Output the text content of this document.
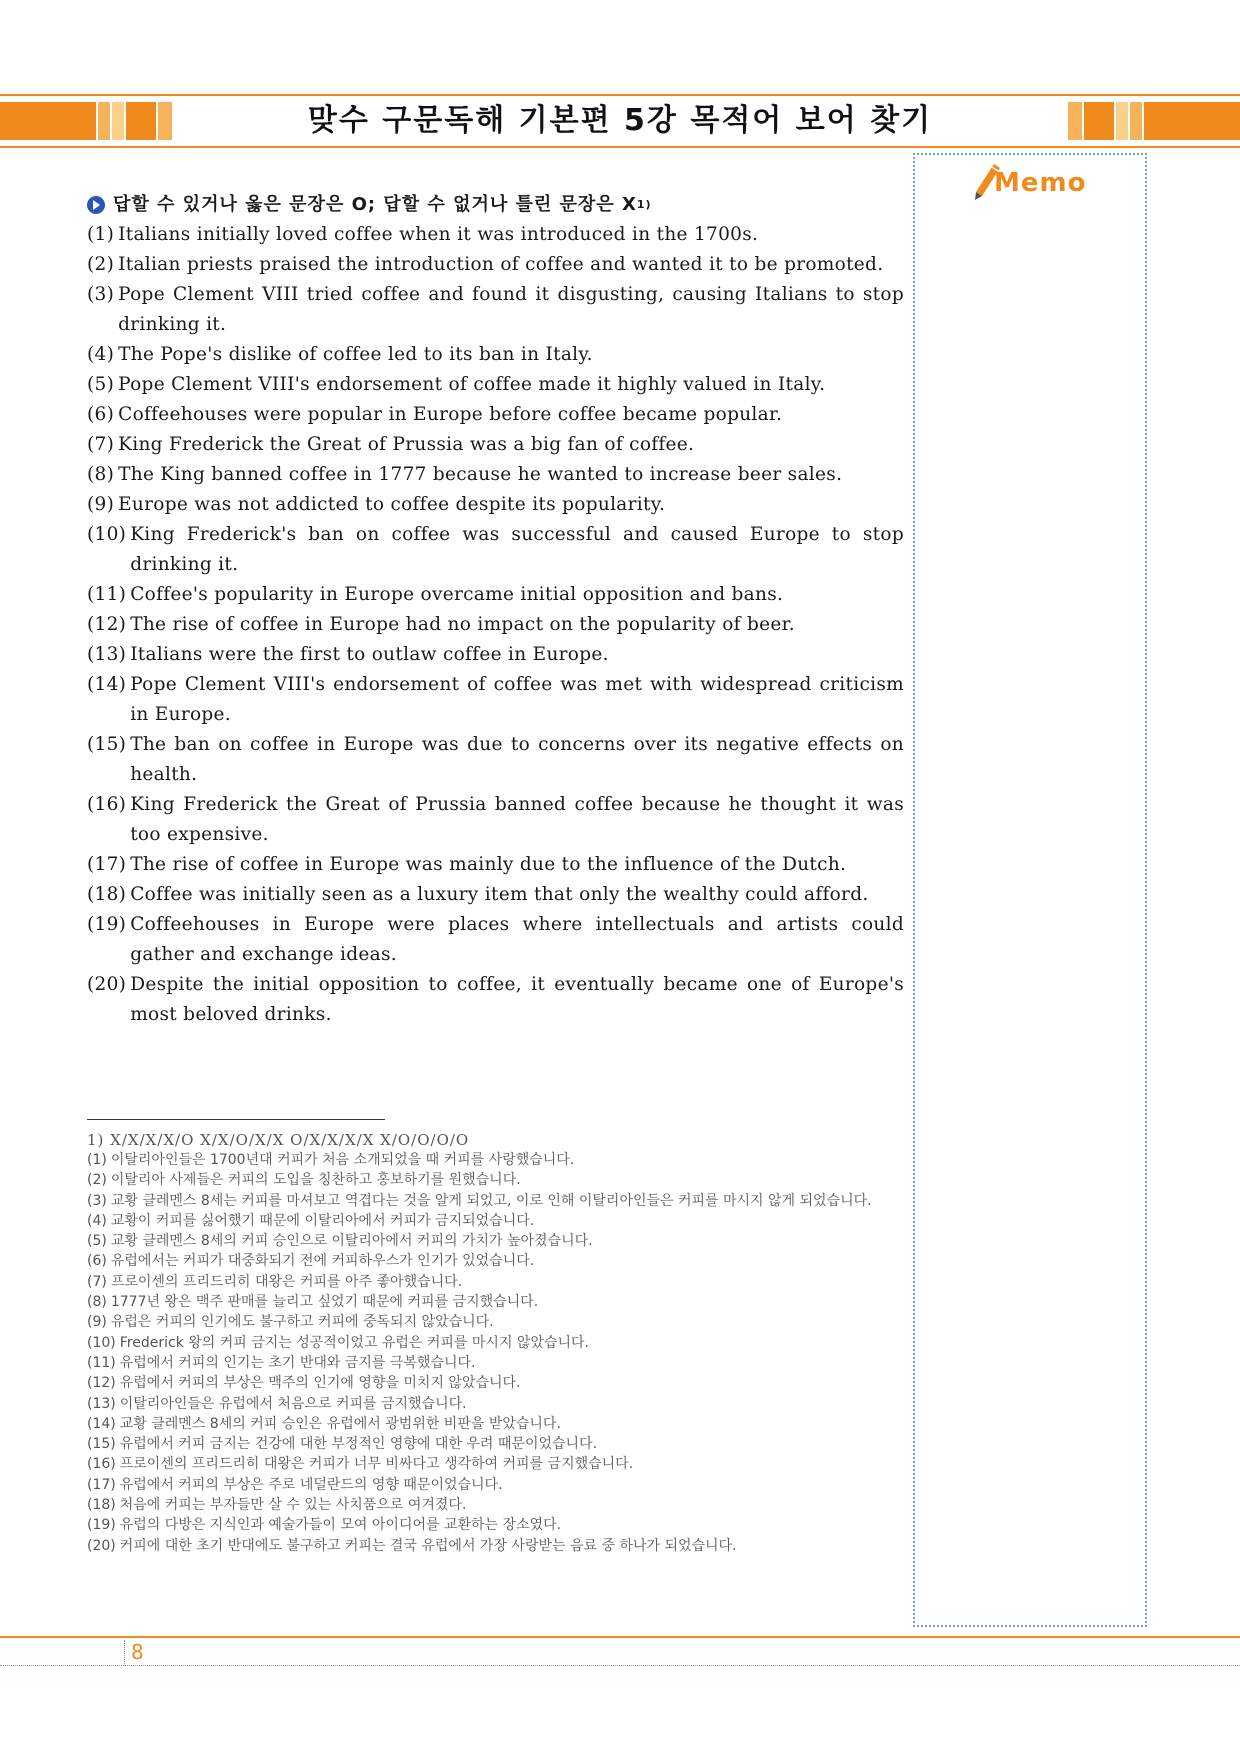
맞수 구문독해 기본편 5강 목적어 보어 찾기
Memo
답할 수 있거나 옳은 문장은 O; 답할 수 없거나 틀린 문장은 X 1)
(1) Italians initially loved coffee when it was introduced in the 1700s.
(2) Italian priests praised the introduction of coffee and wanted it to be promoted.
(3) Pope Clement VIII tried coffee and found it disgusting, causing Italians to stop drinking it.
(4) The Pope's dislike of coffee led to its ban in Italy.
(5) Pope Clement VIII's endorsement of coffee made it highly valued in Italy.
(6) Coffeehouses were popular in Europe before coffee became popular.
(7) King Frederick the Great of Prussia was a big fan of coffee.
(8) The King banned coffee in 1777 because he wanted to increase beer sales.
(9) Europe was not addicted to coffee despite its popularity.
(10) King Frederick's ban on coffee was successful and caused Europe to stop drinking it.
(11) Coffee's popularity in Europe overcame initial opposition and bans.
(12) The rise of coffee in Europe had no impact on the popularity of beer.
(13) Italians were the first to outlaw coffee in Europe.
(14) Pope Clement VIII's endorsement of coffee was met with widespread criticism in Europe.
(15) The ban on coffee in Europe was due to concerns over its negative effects on health.
(16) King Frederick the Great of Prussia banned coffee because he thought it was too expensive.
(17) The rise of coffee in Europe was mainly due to the influence of the Dutch.
(18) Coffee was initially seen as a luxury item that only the wealthy could afford.
(19) Coffeehouses in Europe were places where intellectuals and artists could gather and exchange ideas.
(20) Despite the initial opposition to coffee, it eventually became one of Europe's most beloved drinks.
1) X/X/X/X/O X/X/O/X/X O/X/X/X/X X/O/O/O/O
(1) 이탈리아인들은 1700년대 커피가 처음 소개되었을 때 커피를 사랑했습니다.
(2) 이탈리아 사제들은 커피의 도입을 칭찬하고 홍보하기를 원했습니다.
(3) 교황 클레멘스 8세는 커피를 마셔보고 역겹다는 것을 알게 되었고, 이로 인해 이탈리아인들은 커피를 마시지 않게 되었습니다.
(4) 교황이 커피를 싫어했기 때문에 이탈리아에서 커피가 금지되었습니다.
(5) 교황 클레멘스 8세의 커피 승인으로 이탈리아에서 커피의 가치가 높아졌습니다.
(6) 유럽에서는 커피가 대중화되기 전에 커피하우스가 인기가 있었습니다.
(7) 프로이센의 프리드리히 대왕은 커피를 아주 좋아했습니다.
(8) 1777년 왕은 맥주 판매를 늘리고 싶었기 때문에 커피를 금지했습니다.
(9) 유럽은 커피의 인기에도 불구하고 커피에 중독되지 않았습니다.
(10) Frederick 왕의 커피 금지는 성공적이었고 유럽은 커피를 마시지 않았습니다.
(11) 유럽에서 커피의 인기는 초기 반대와 금지를 극복했습니다.
(12) 유럽에서 커피의 부상은 맥주의 인기에 영향을 미치지 않았습니다.
(13) 이탈리아인들은 유럽에서 처음으로 커피를 금지했습니다.
(14) 교황 클레멘스 8세의 커피 승인은 유럽에서 광범위한 비판을 받았습니다.
(15) 유럽에서 커피 금지는 건강에 대한 부정적인 영향에 대한 우려 때문이었습니다.
(16) 프로이센의 프리드리히 대왕은 커피가 너무 비싸다고 생각하여 커피를 금지했습니다.
(17) 유럽에서 커피의 부상은 주로 네덜란드의 영향 때문이었습니다.
(18) 처음에 커피는 부자들만 살 수 있는 사치품으로 여겨졌다.
(19) 유럽의 다방은 지식인과 예술가들이 모여 아이디어를 교환하는 장소였다.
(20) 커피에 대한 초기 반대에도 불구하고 커피는 결국 유럽에서 가장 사랑받는 음료 중 하나가 되었습니다.
8
